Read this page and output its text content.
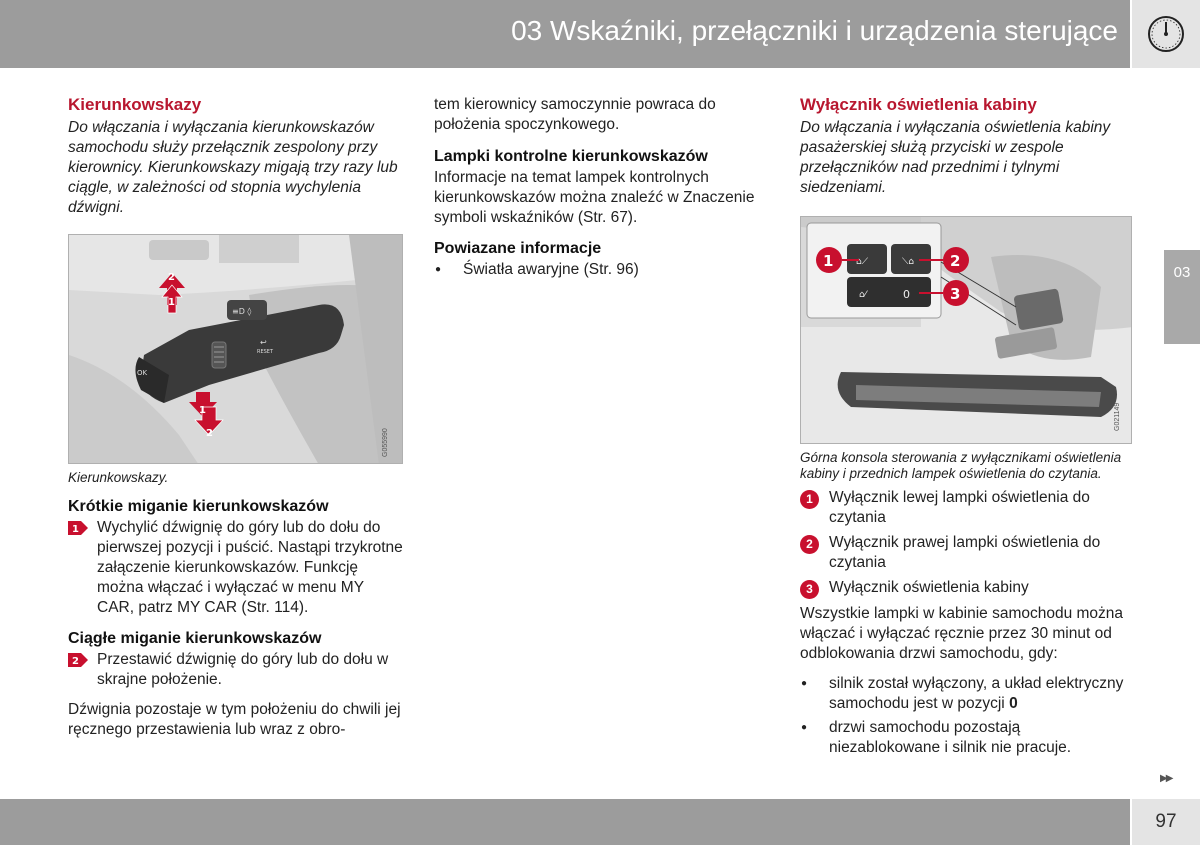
03 Wskaźniki, przełączniki i urządzenia sterujące
03
Kierunkowskazy

Do włączania i wyłączania kierunkowskazów samochodu służy przełącznik zespolony przy kierownicy. Kierunkowskazy migają trzy razy lub ciągle, w zależności od stopnia wychylenia dźwigni.

≡D ◊
RESET
↩
OK
2
1
1
2	G055990

Kierunkowskazy.

Krótkie miganie kierunkowskazów
1 Wychylić dźwignię do góry lub do dołu do pierwszej pozycji i puścić. Nastąpi trzykrotne załączenie kierunkowskazów. Funkcję można włączać i wyłączać w menu MY CAR, patrz MY CAR (Str. 114).
Ciągłe miganie kierunkowskazów
2 Przestawić dźwignię do góry lub do dołu w skrajne położenie.

Dźwignia pozostaje w tym położeniu do chwili jej ręcznego przestawienia lub wraz z obro-

tem kierownicy samoczynnie powraca do położenia spoczynkowego.

Lampki kontrolne kierunkowskazów

Informacje na temat lampek kontrolnych kierunkowskazów można znaleźć w Znaczenie symboli wskaźników (Str. 67).

Powiazane informacje
● Światła awaryjne (Str. 96)
Wyłącznik oświetlenia kabiny

Do włączania i wyłączania oświetlenia kabiny pasażerskiej służą przyciski w zespole przełączników nad przednimi i tylnymi siedzeniami.

⌂⟋	⟍⌂
⌂⁄	0
1	2
3
G021149

Górna konsola sterowania z wyłącznikami oświetlenia kabiny i przednich lampek oświetlenia do czytania.

1	Wyłącznik lewej lampki oświetlenia do czytania
2	Wyłącznik prawej lampki oświetlenia do czytania
3	Wyłącznik oświetlenia kabiny

Wszystkie lampki w kabinie samochodu można włączać i wyłączać ręcznie przez 30 minut od odblokowania drzwi samochodu, gdy:

● silnik został wyłączony, a układ elektryczny samochodu jest w pozycji 0
● drzwi samochodu pozostają niezablokowane i silnik nie pracuje.
▶▶
97
